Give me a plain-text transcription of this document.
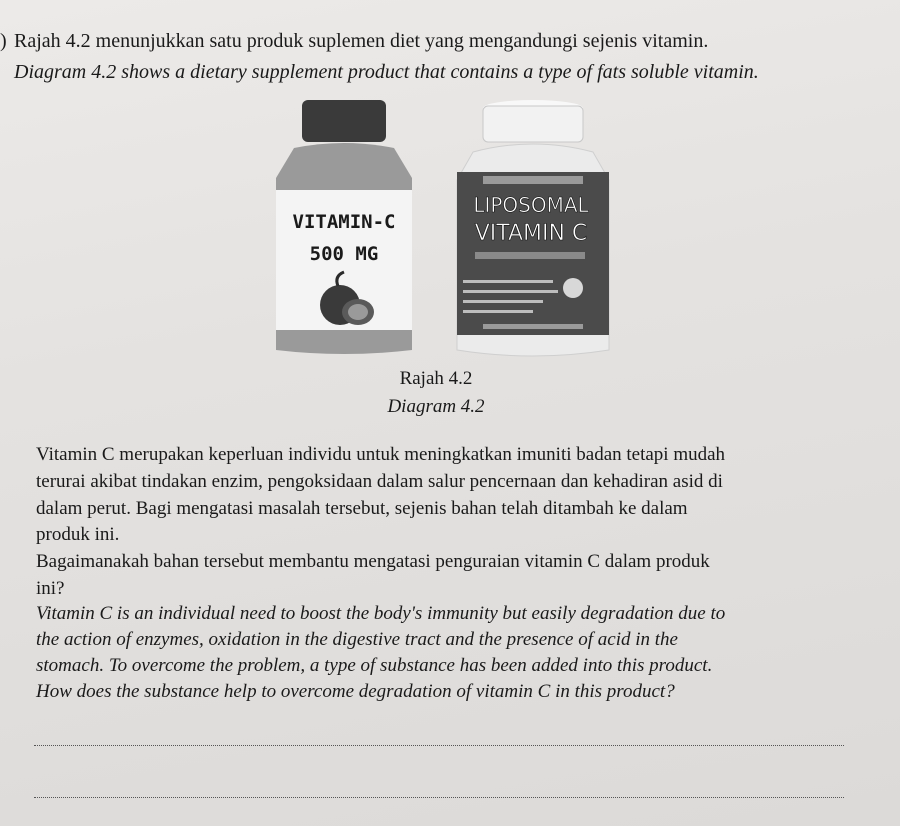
) Rajah 4.2 menunjukkan satu produk suplemen diet yang mengandungi sejenis vitamin.
Diagram 4.2 shows a dietary supplement product that contains a type of fats soluble vitamin.
VITAMIN-C
500 MG
LIPOSOMAL
VITAMIN C
Rajah 4.2
Diagram 4.2
Vitamin C merupakan keperluan individu untuk meningkatkan imuniti badan tetapi mudah
terurai akibat tindakan enzim, pengoksidaan dalam salur pencernaan dan kehadiran asid di
dalam perut. Bagi mengatasi masalah tersebut, sejenis bahan telah ditambah ke dalam
produk ini.
Bagaimanakah bahan tersebut membantu mengatasi penguraian vitamin C dalam produk
ini?
Vitamin C is an individual need to boost the body's immunity but easily degradation due to
the action of enzymes, oxidation in the digestive tract and the presence of acid in the
stomach. To overcome the problem, a type of substance has been added into this product.
How does the substance help to overcome degradation of vitamin C in this product?
